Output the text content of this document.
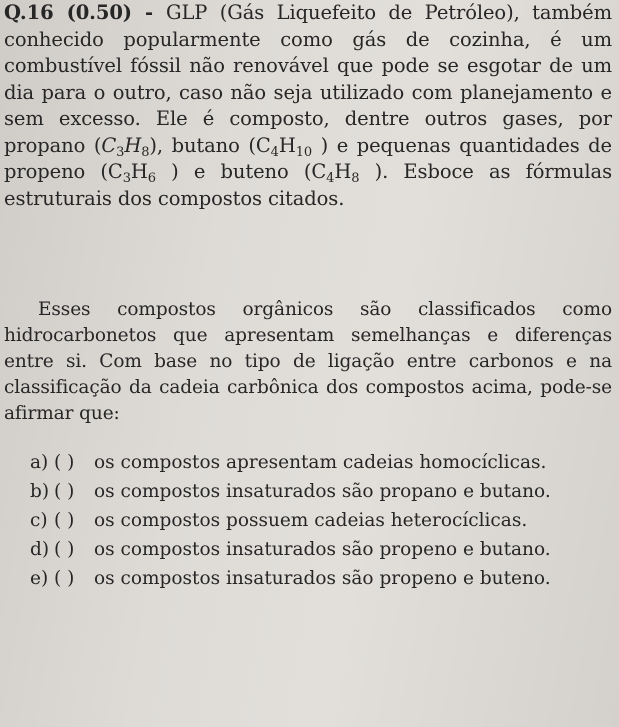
Q.16 (0.50) - GLP (Gás Liquefeito de Petróleo), também conhecido popularmente como gás de cozinha, é um combustível fóssil não renovável que pode se esgotar de um dia para o outro, caso não seja utilizado com planejamento e sem excesso. Ele é composto, dentre outros gases, por propano $(C_3H_8)$, butano ($C_4H_{10}$ ) e pequenas quantidades de propeno ($C_3H_6$ ) e buteno ($C_4H_8$ ). Esboce as fórmulas estruturais dos compostos citados.
Esses compostos orgânicos são classificados como hidrocarbonetos que apresentam semelhanças e diferenças entre si. Com base no tipo de ligação entre carbonos e na classificação da cadeia carbônica dos compostos acima, pode-se afirmar que:
a) ( )	os compostos apresentam cadeias homocíclicas.
b) ( )	os compostos insaturados são propano e butano.
c) ( )	os compostos possuem cadeias heterocíclicas.
d) ( )	os compostos insaturados são propeno e butano.
e) ( )	os compostos insaturados são propeno e buteno.
